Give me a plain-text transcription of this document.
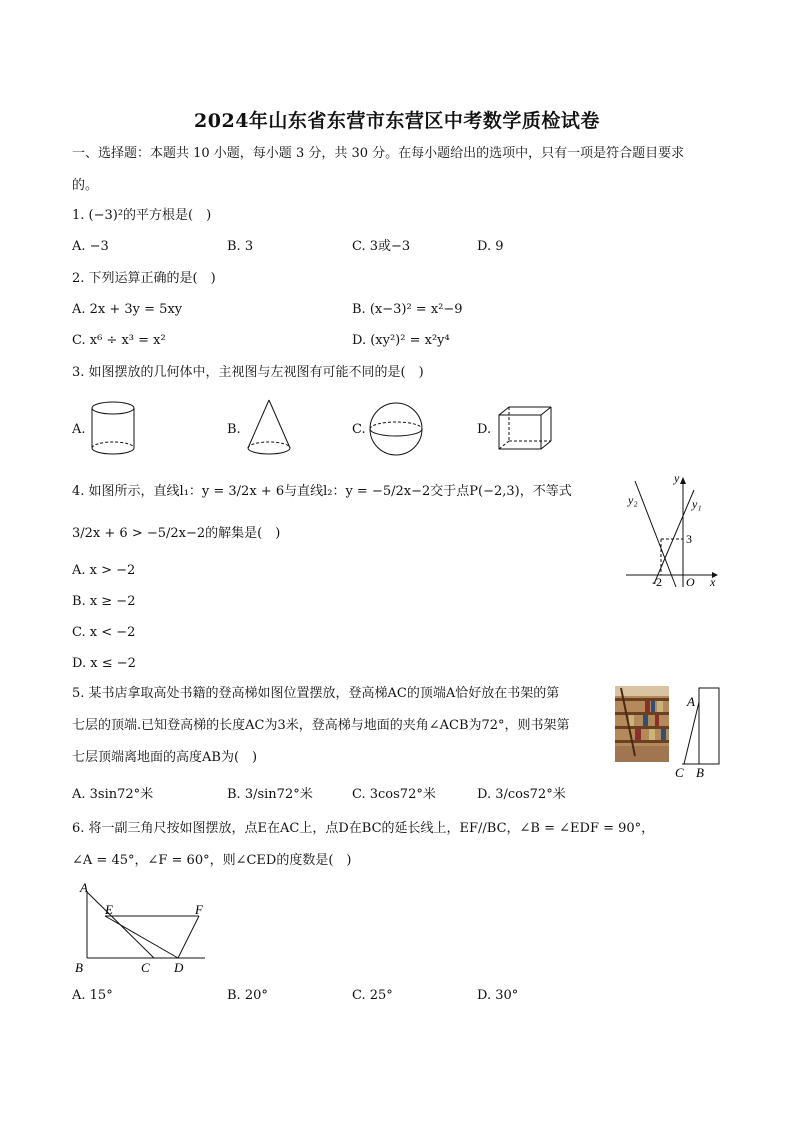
2024年山东省东营市东营区中考数学质检试卷
一、选择题：本题共 10 小题，每小题 3 分，共 30 分。在每小题给出的选项中，只有一项是符合题目要求
的。
1. (−3)²的平方根是(　)
A. −3	B. 3	C. 3或−3	D. 9
2. 下列运算正确的是(　)
A. 2x + 3y = 5xy	B. (x−3)² = x²−9
C. x⁶ ÷ x³ = x²	D. (xy²)² = x²y⁴
3. 如图摆放的几何体中，主视图与左视图有可能不同的是(　)
A.	B.	C.	D.
4. 如图所示，直线l₁：y = 3/2x + 6与直线l₂：y = −5/2x−2交于点P(−2,3)，不等式
3/2x + 6 > −5/2x−2的解集是(　)
A. x > −2
B. x ≥ −2
C. x < −2
D. x ≤ −2
y
x
y₁
y₂
3
-2 O
5. 某书店拿取高处书籍的登高梯如图位置摆放，登高梯AC的顶端A恰好放在书架的第
七层的顶端.已知登高梯的长度AC为3米，登高梯与地面的夹角∠ACB为72°，则书架第
七层顶端离地面的高度AB为(　)
A. 3sin72°米	B. 3/sin72°米	C. 3cos72°米	D. 3/cos72°米
A
B
C
6. 将一副三角尺按如图摆放，点E在AC上，点D在BC的延长线上，EF//BC，∠B = ∠EDF = 90°，
∠A = 45°，∠F = 60°，则∠CED的度数是(　)
A
E	F
B	C D
A. 15°	B. 20°	C. 25°	D. 30°
